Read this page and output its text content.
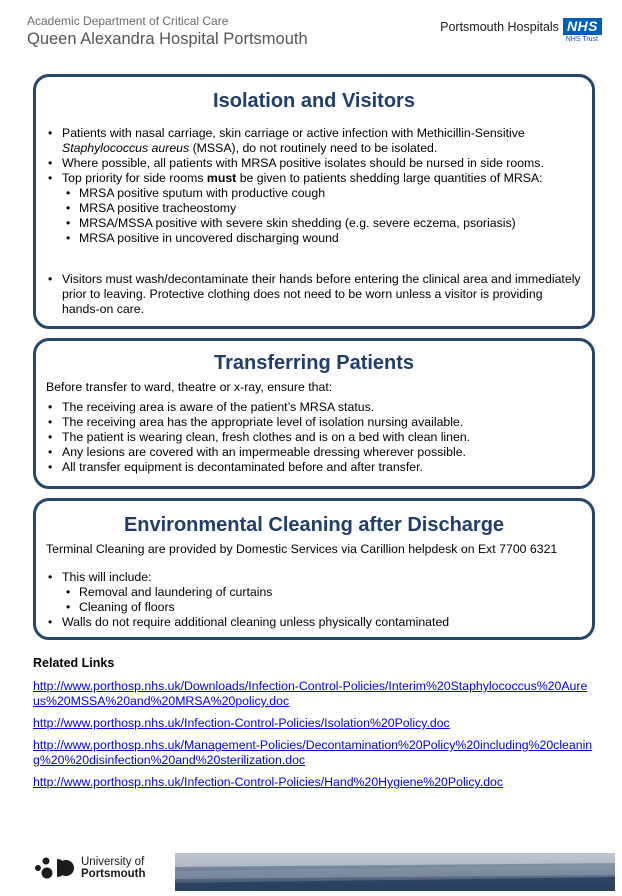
Academic Department of Critical Care
Queen Alexandra Hospital Portsmouth
Portsmouth Hospitals NHS
NHS Trust
Isolation and Visitors
• Patients with nasal carriage, skin carriage or active infection with Methicillin-Sensitive Staphylococcus aureus (MSSA), do not routinely need to be isolated.
• Where possible, all patients with MRSA positive isolates should be nursed in side rooms.
• Top priority for side rooms must be given to patients shedding large quantities of MRSA:
• MRSA positive sputum with productive cough
• MRSA positive tracheostomy
• MRSA/MSSA positive with severe skin shedding (e.g. severe eczema, psoriasis)
• MRSA positive in uncovered discharging wound
• Visitors must wash/decontaminate their hands before entering the clinical area and immediately prior to leaving. Protective clothing does not need to be worn unless a visitor is providing hands-on care.
Transferring Patients
Before transfer to ward, theatre or x-ray, ensure that:
• The receiving area is aware of the patient’s MRSA status.
• The receiving area has the appropriate level of isolation nursing available.
• The patient is wearing clean, fresh clothes and is on a bed with clean linen.
• Any lesions are covered with an impermeable dressing wherever possible.
• All transfer equipment is decontaminated before and after transfer.
Environmental Cleaning after Discharge
Terminal Cleaning are provided by Domestic Services via Carillion helpdesk on Ext 7700 6321
• This will include:
• Removal and laundering of curtains
• Cleaning of floors
• Walls do not require additional cleaning unless physically contaminated
Related Links
http://www.porthosp.nhs.uk/Downloads/Infection-Control-Policies/Interim%20Staphylococcus%20Aureus%20MSSA%20and%20MRSA%20policy.doc
http://www.porthosp.nhs.uk/Infection-Control-Policies/Isolation%20Policy.doc
http://www.porthosp.nhs.uk/Management-Policies/Decontamination%20Policy%20including%20cleaning%20%20disinfection%20and%20sterilization.doc
http://www.porthosp.nhs.uk/Infection-Control-Policies/Hand%20Hygiene%20Policy.doc
University of
Portsmouth
